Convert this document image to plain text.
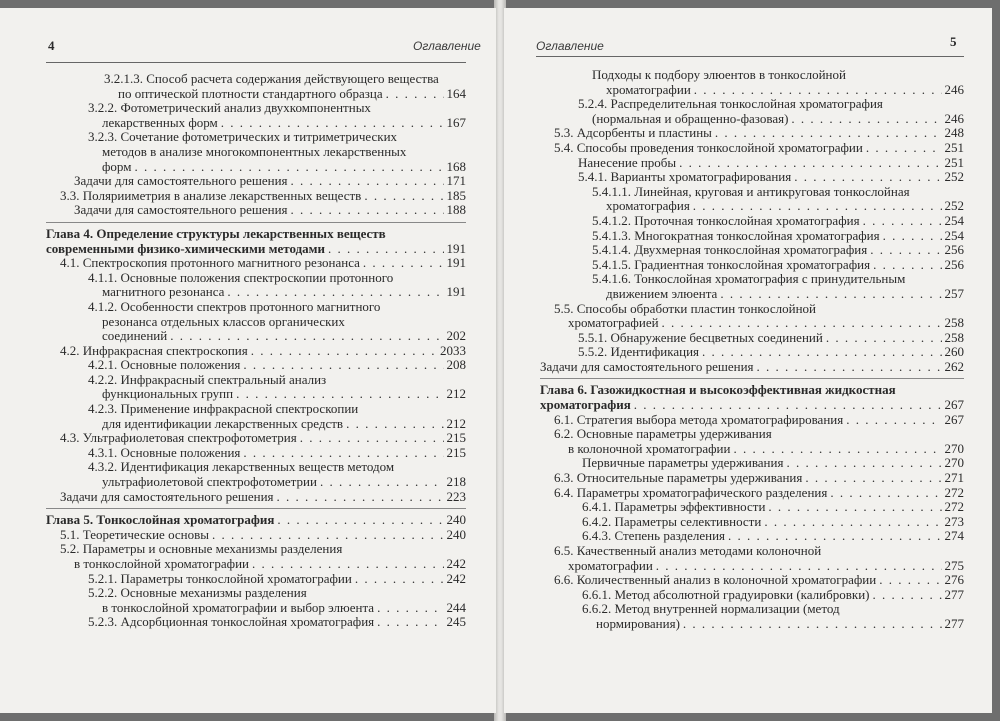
4	Оглавление
3.2.1.3. Способ расчета содержания действующего вещества
по оптической плотности стандартного образца . . .	164
3.2.2. Фотометрический анализ двухкомпонентных
лекарственных форм . . .	167
3.2.3. Сочетание фотометрических и титриметрических
методов в анализе многокомпонентных лекарственных
форм . . .	168
Задачи для самостоятельного решения . . .	171
3.3. Полярииметрия в анализе лекарственных веществ . . .	185
Задачи для самостоятельного решения . . .	188
Глава 4. Определение структуры лекарственных веществ
современными физико-химическими методами . . .	191
4.1. Спектроскопия протонного магнитного резонанса . . .	191
4.1.1. Основные положения спектроскопии протонного
магнитного резонанса . . .	191
4.1.2. Особенности спектров протонного магнитного
резонанса отдельных классов органических
соединений . . .	202
4.2. Инфракрасная спектроскопия . . .	2033
4.2.1. Основные положения . . .	208
4.2.2. Инфракрасный спектральный анализ
функциональных групп . . .	212
4.2.3. Применение инфракрасной спектроскопии
для идентификации лекарственных средств . . .	212
4.3. Ультрафиолетовая спектрофотометрия . . .	215
4.3.1. Основные положения . . .	215
4.3.2. Идентификация лекарственных веществ методом
ультрафиолетовой спектрофотометрии . . .	218
Задачи для самостоятельного решения . . .	223
Глава 5. Тонкослойная хроматография . . .	240
5.1. Теоретические основы . . .	240
5.2. Параметры и основные механизмы разделения
в тонкослойной хроматографии . . .	242
5.2.1. Параметры тонкослойной хроматографии . . .	242
5.2.2. Основные механизмы разделения
в тонкослойной хроматографии и выбор элюента . . .	244
5.2.3. Адсорбционная тонкослойная хроматография . . .	245
Оглавление	5
Подходы к подбору элюентов в тонкослойной
хроматографии . . .	246
5.2.4. Распределительная тонкослойная хроматография
(нормальная и обращенно-фазовая) . . .	246
5.3. Адсорбенты и пластины . . .	248
5.4. Способы проведения тонкослойной хроматографии . . .	251
Нанесение пробы . . .	251
5.4.1. Варианты хроматографирования . . .	252
5.4.1.1. Линейная, круговая и антикруговая тонкослойная
хроматография . . .	252
5.4.1.2. Проточная тонкослойная хроматография . . .	254
5.4.1.3. Многократная тонкослойная хроматография . . .	254
5.4.1.4. Двухмерная тонкослойная хроматография . . .	256
5.4.1.5. Градиентная тонкослойная хроматография . . .	256
5.4.1.6. Тонкослойная хроматография с принудительным
движением элюента . . .	257
5.5. Способы обработки пластин тонкослойной
хроматографией . . .	258
5.5.1. Обнаружение бесцветных соединений . . .	258
5.5.2. Идентификация . . .	260
Задачи для самостоятельного решения . . .	262
Глава 6. Газожидкостная и высокоэффективная жидкостная
хроматография . . .	267
6.1. Стратегия выбора метода хроматографирования . . .	267
6.2. Основные параметры удерживания
в колоночной хроматографии . . .	270
Первичные параметры удерживания . . .	270
6.3. Относительные параметры удерживания . . .	271
6.4. Параметры хроматографического разделения . . .	272
6.4.1. Параметры эффективности . . .	272
6.4.2. Параметры селективности . . .	273
6.4.3. Степень разделения . . .	274
6.5. Качественный анализ методами колоночной
хроматографии . . .	275
6.6. Количественный анализ в колоночной хроматографии . . .	276
6.6.1. Метод абсолютной градуировки (калибровки) . . .	277
6.6.2. Метод внутренней нормализации (метод
нормирования) . . .	277
